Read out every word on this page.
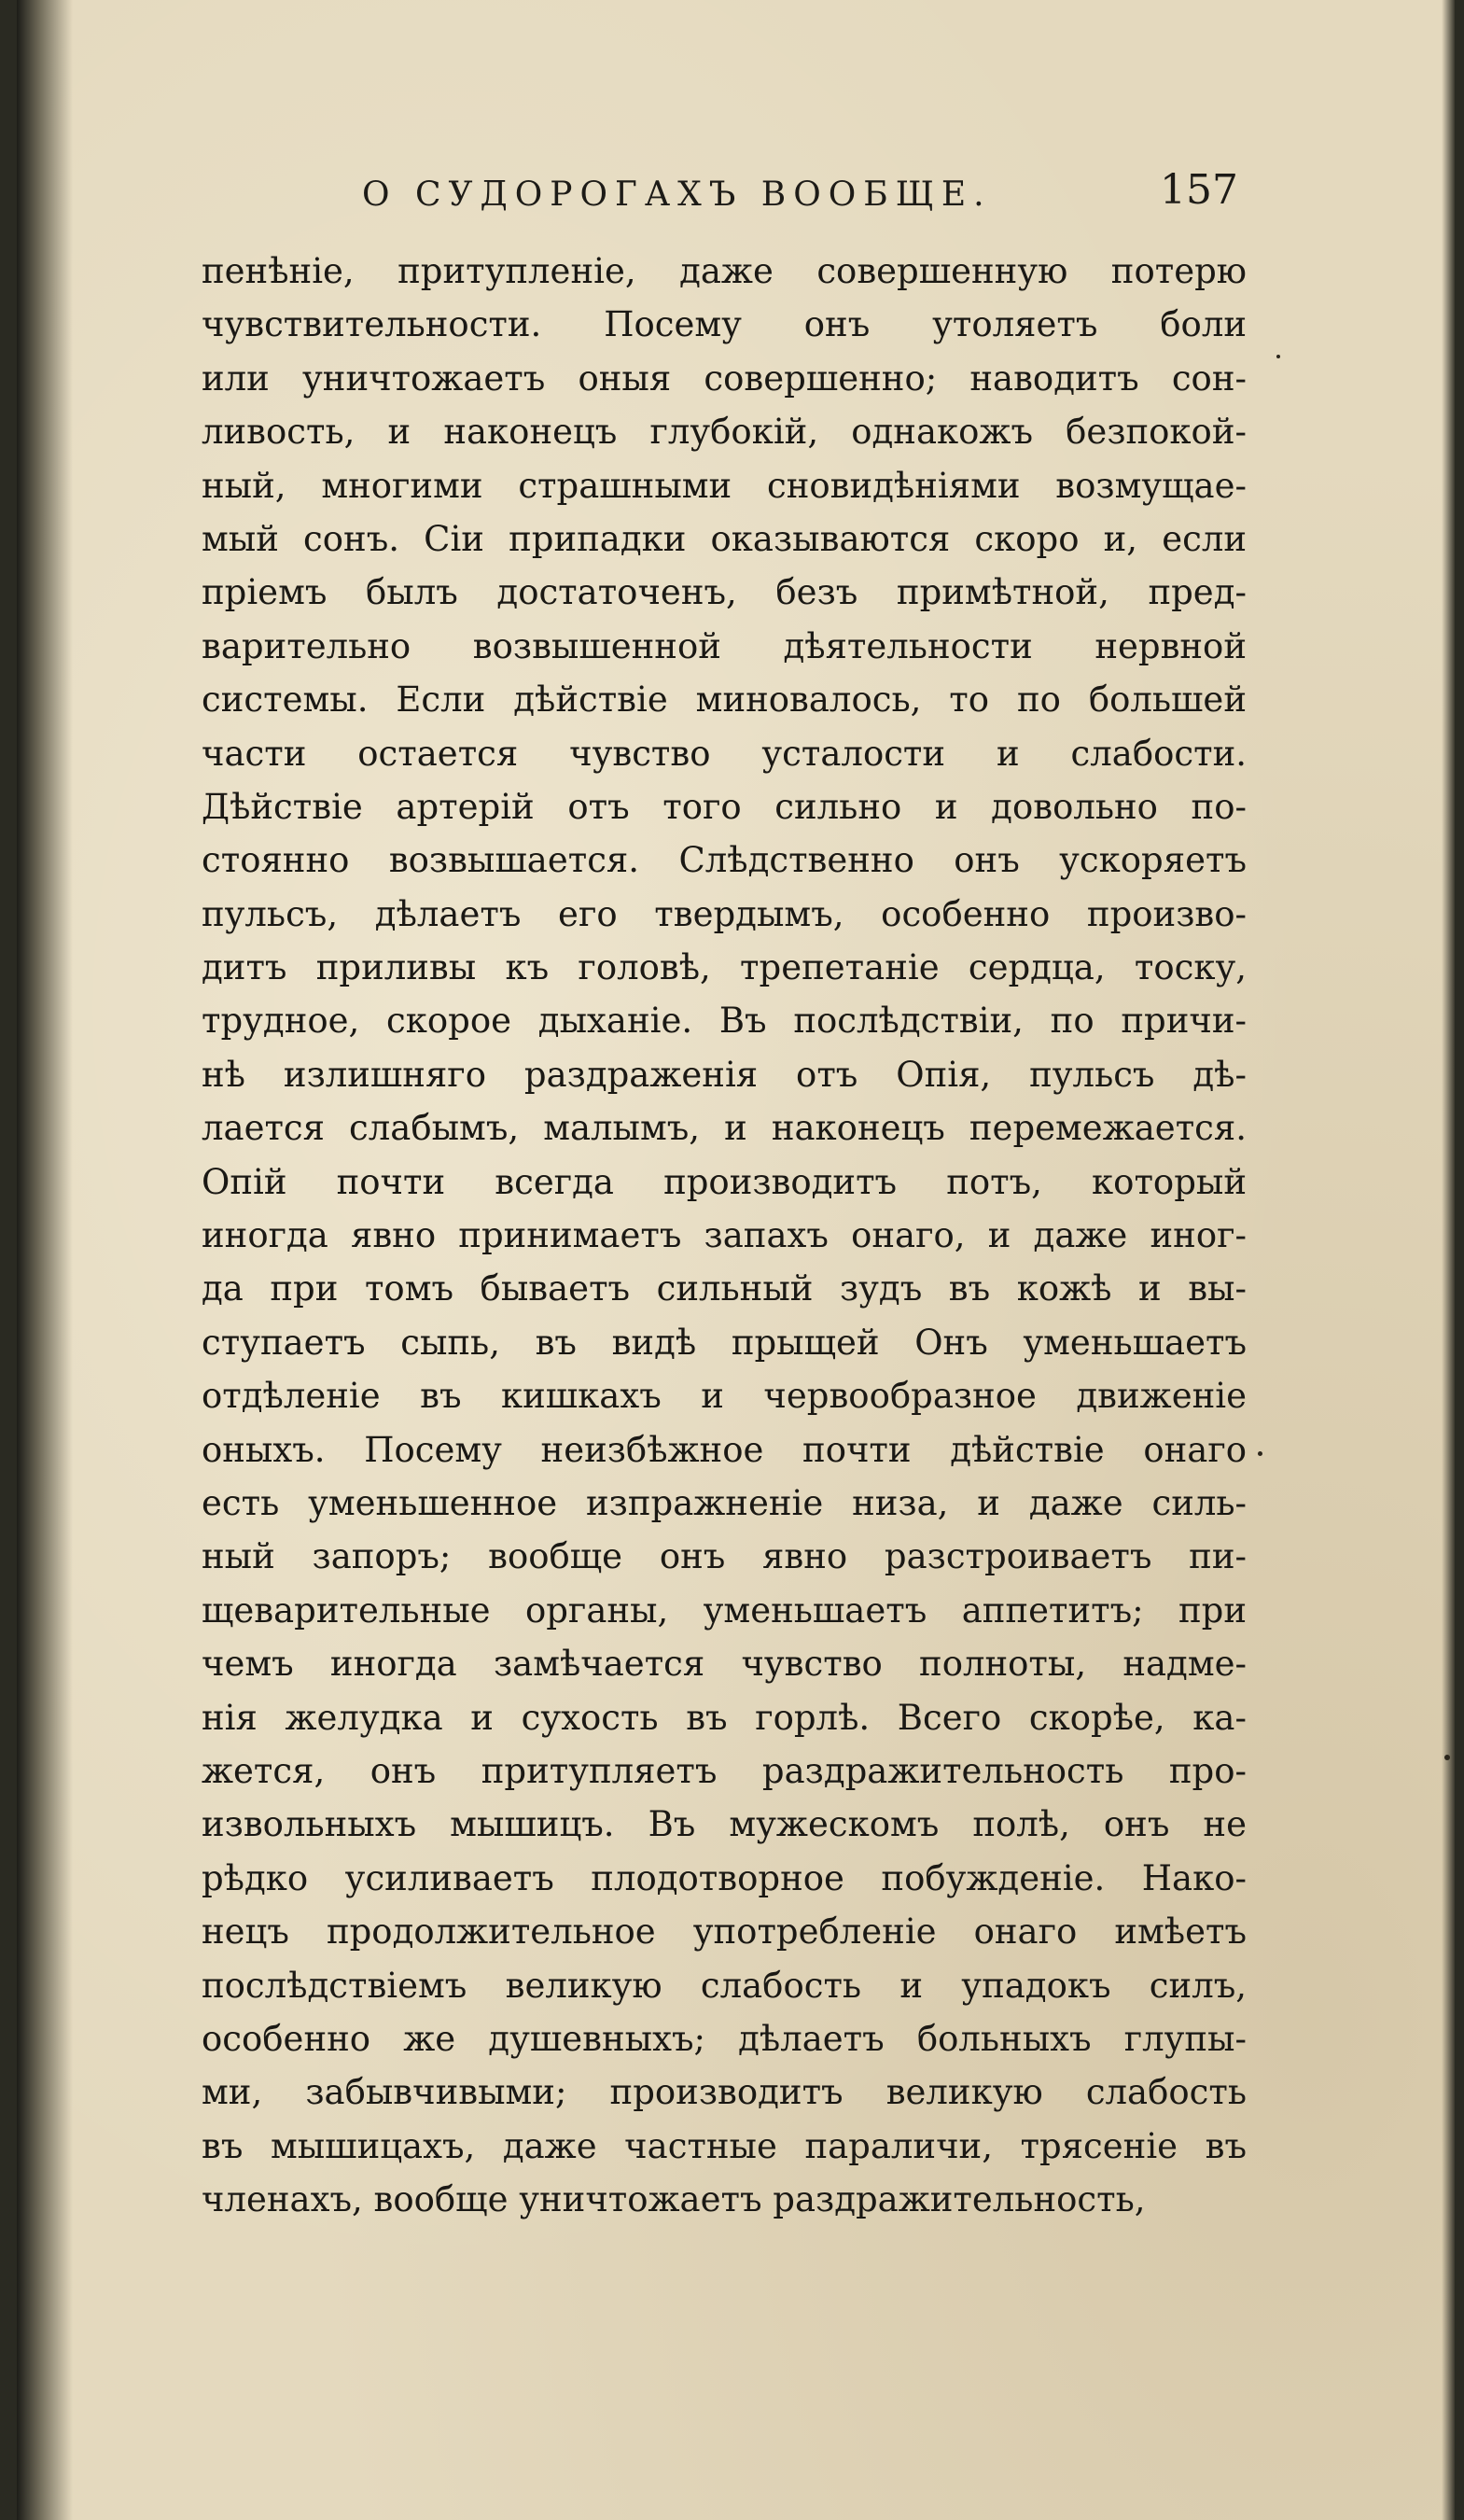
О СУДОРОГАХЪ ВООБЩЕ.	157
пенѣніе, притупленіе, даже совершенную потерю
чувствительности. Посему онъ утоляетъ боли
или уничтожаетъ оныя совершенно; наводитъ сон-
ливость, и наконецъ глубокій, однакожъ безпокой-
ный, многими страшными сновидѣніями возмущае-
мый сонъ. Сіи припадки оказываются скоро и, если
пріемъ былъ достаточенъ, безъ примѣтной, пред-
варительно возвышенной дѣятельности нервной
системы. Если дѣйствіе миновалось, то по большей
части остается чувство усталости и слабости.
Дѣйствіе артерій отъ того сильно и довольно по-
стоянно возвышается. Слѣдственно онъ ускоряетъ
пульсъ, дѣлаетъ его твердымъ, особенно произво-
дитъ приливы къ головѣ, трепетаніе сердца, тоску,
трудное, скорое дыханіе. Въ послѣдствіи, по причи-
нѣ излишняго раздраженія отъ Опія, пульсъ дѣ-
лается слабымъ, малымъ, и наконецъ перемежается.
Опій почти всегда производитъ потъ, который
иногда явно принимаетъ запахъ онаго, и даже иног-
да при томъ бываетъ сильный зудъ въ кожѣ и вы-
ступаетъ сыпь, въ видѣ прыщей Онъ уменьшаетъ
отдѣленіе въ кишкахъ и червообразное движеніе
оныхъ. Посему неизбѣжное почти дѣйствіе онаго
есть уменьшенное изпражненіе низа, и даже силь-
ный запоръ; вообще онъ явно разстроиваетъ пи-
щеварительные органы, уменьшаетъ аппетитъ; при
чемъ иногда замѣчается чувство полноты, надме-
нія желудка и сухость въ горлѣ. Всего скорѣе, ка-
жется, онъ притупляетъ раздражительность про-
извольныхъ мышицъ. Въ мужескомъ полѣ, онъ не
рѣдко усиливаетъ плодотворное побужденіе. Нако-
нецъ продолжительное употребленіе онаго имѣетъ
послѣдствіемъ великую слабость и упадокъ силъ,
особенно же душевныхъ; дѣлаетъ больныхъ глупы-
ми, забывчивыми; производитъ великую слабость
въ мышицахъ, даже частные параличи, трясеніе въ
членахъ, вообще уничтожаетъ раздражительность,
